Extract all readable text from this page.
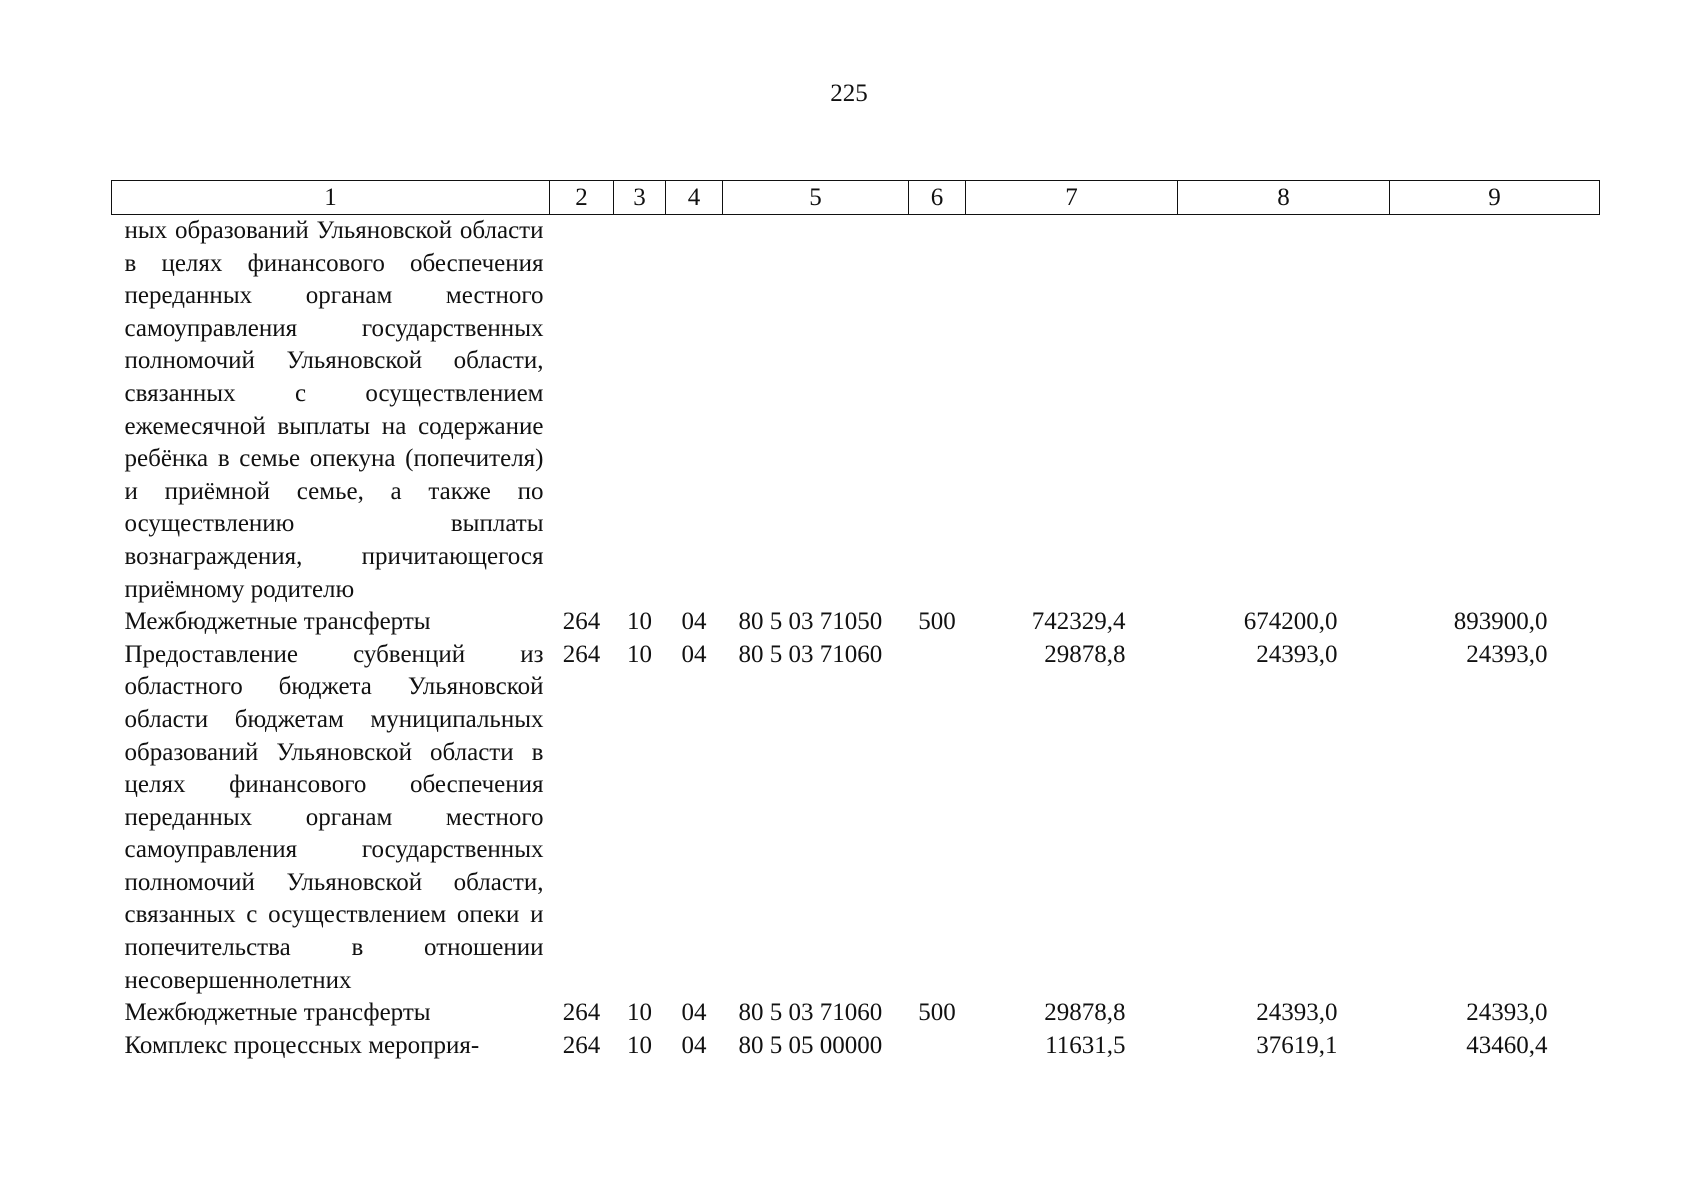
225
1	2	3	4	5	6	7	8	9
ных образований Ульяновской области в целях финансового обеспечения переданных органам местного самоуправления государственных полномочий Ульяновской области, связанных с осуществлением ежемесячной выплаты на содержание ребёнка в семье опекуна (попечителя) и приёмной семье, а также по осуществлению выплаты вознаграждения, причитающегося приёмному родителю								
Межбюджетные трансферты	264	10	04	80 5 03 71050	500	742329,4	674200,0	893900,0
Предоставление субвенций из областного бюджета Ульяновской области бюджетам муниципальных образований Ульяновской области в целях финансового обеспечения переданных органам местного самоуправления государственных полномочий Ульяновской области, связанных с осуществлением опеки и попечительства в отношении несовершеннолетних	264	10	04	80 5 03 71060		29878,8	24393,0	24393,0
Межбюджетные трансферты	264	10	04	80 5 03 71060	500	29878,8	24393,0	24393,0
Комплекс процессных мероприя-	264	10	04	80 5 05 00000		11631,5	37619,1	43460,4
